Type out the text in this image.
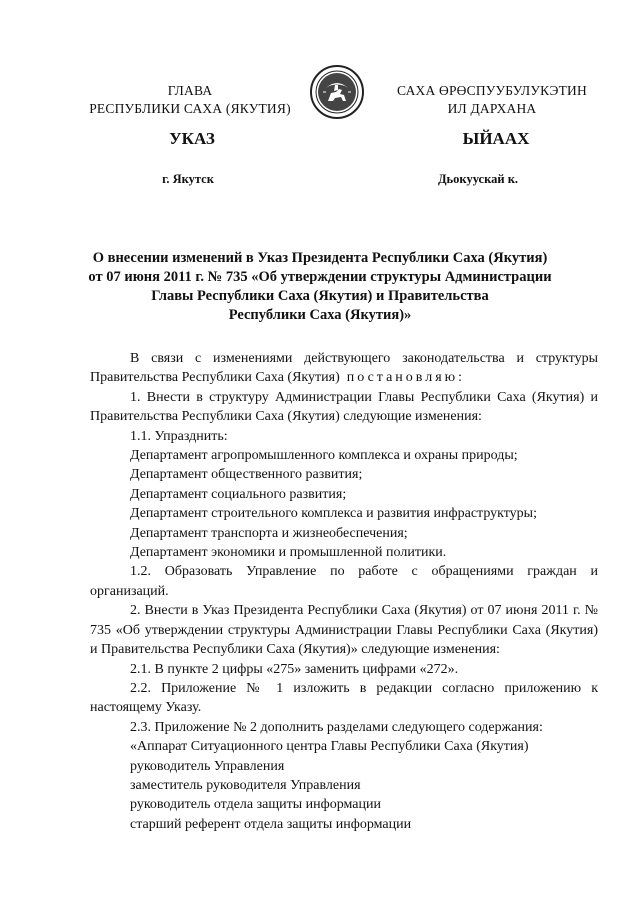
ГЛАВА
РЕСПУБЛИКИ САХА (ЯКУТИЯ)
САХА ӨРӨСПУУБУЛУКЭТИН
ИЛ ДАРХАНА
УКАЗ	ЫЙААХ
г. Якутск	Дьокуускай к.
О внесении изменений в Указ Президента Республики Саха (Якутия)
от 07 июня 2011 г. № 735 «Об утверждении структуры Администрации
Главы Республики Саха (Якутия) и Правительства
Республики Саха (Якутия)»

В связи с изменениями действующего законодательства и структуры Правительства Республики Саха (Якутия) постановляю:

1. Внести в структуру Администрации Главы Республики Саха (Якутия) и Правительства Республики Саха (Якутия) следующие изменения:

1.1. Упразднить:

Департамент агропромышленного комплекса и охраны природы;

Департамент общественного развития;

Департамент социального развития;

Департамент строительного комплекса и развития инфраструктуры;

Департамент транспорта и жизнеобеспечения;

Департамент экономики и промышленной политики.

1.2. Образовать Управление по работе с обращениями граждан и организаций.

2. Внести в Указ Президента Республики Саха (Якутия) от 07 июня 2011 г. № 735 «Об утверждении структуры Администрации Главы Республики Саха (Якутия) и Правительства Республики Саха (Якутия)» следующие изменения:

2.1. В пункте 2 цифры «275» заменить цифрами «272».

2.2. Приложение № 1 изложить в редакции согласно приложению к настоящему Указу.

2.3. Приложение № 2 дополнить разделами следующего содержания:

«Аппарат Ситуационного центра Главы Республики Саха (Якутия)

руководитель Управления

заместитель руководителя Управления

руководитель отдела защиты информации

старший референт отдела защиты информации
